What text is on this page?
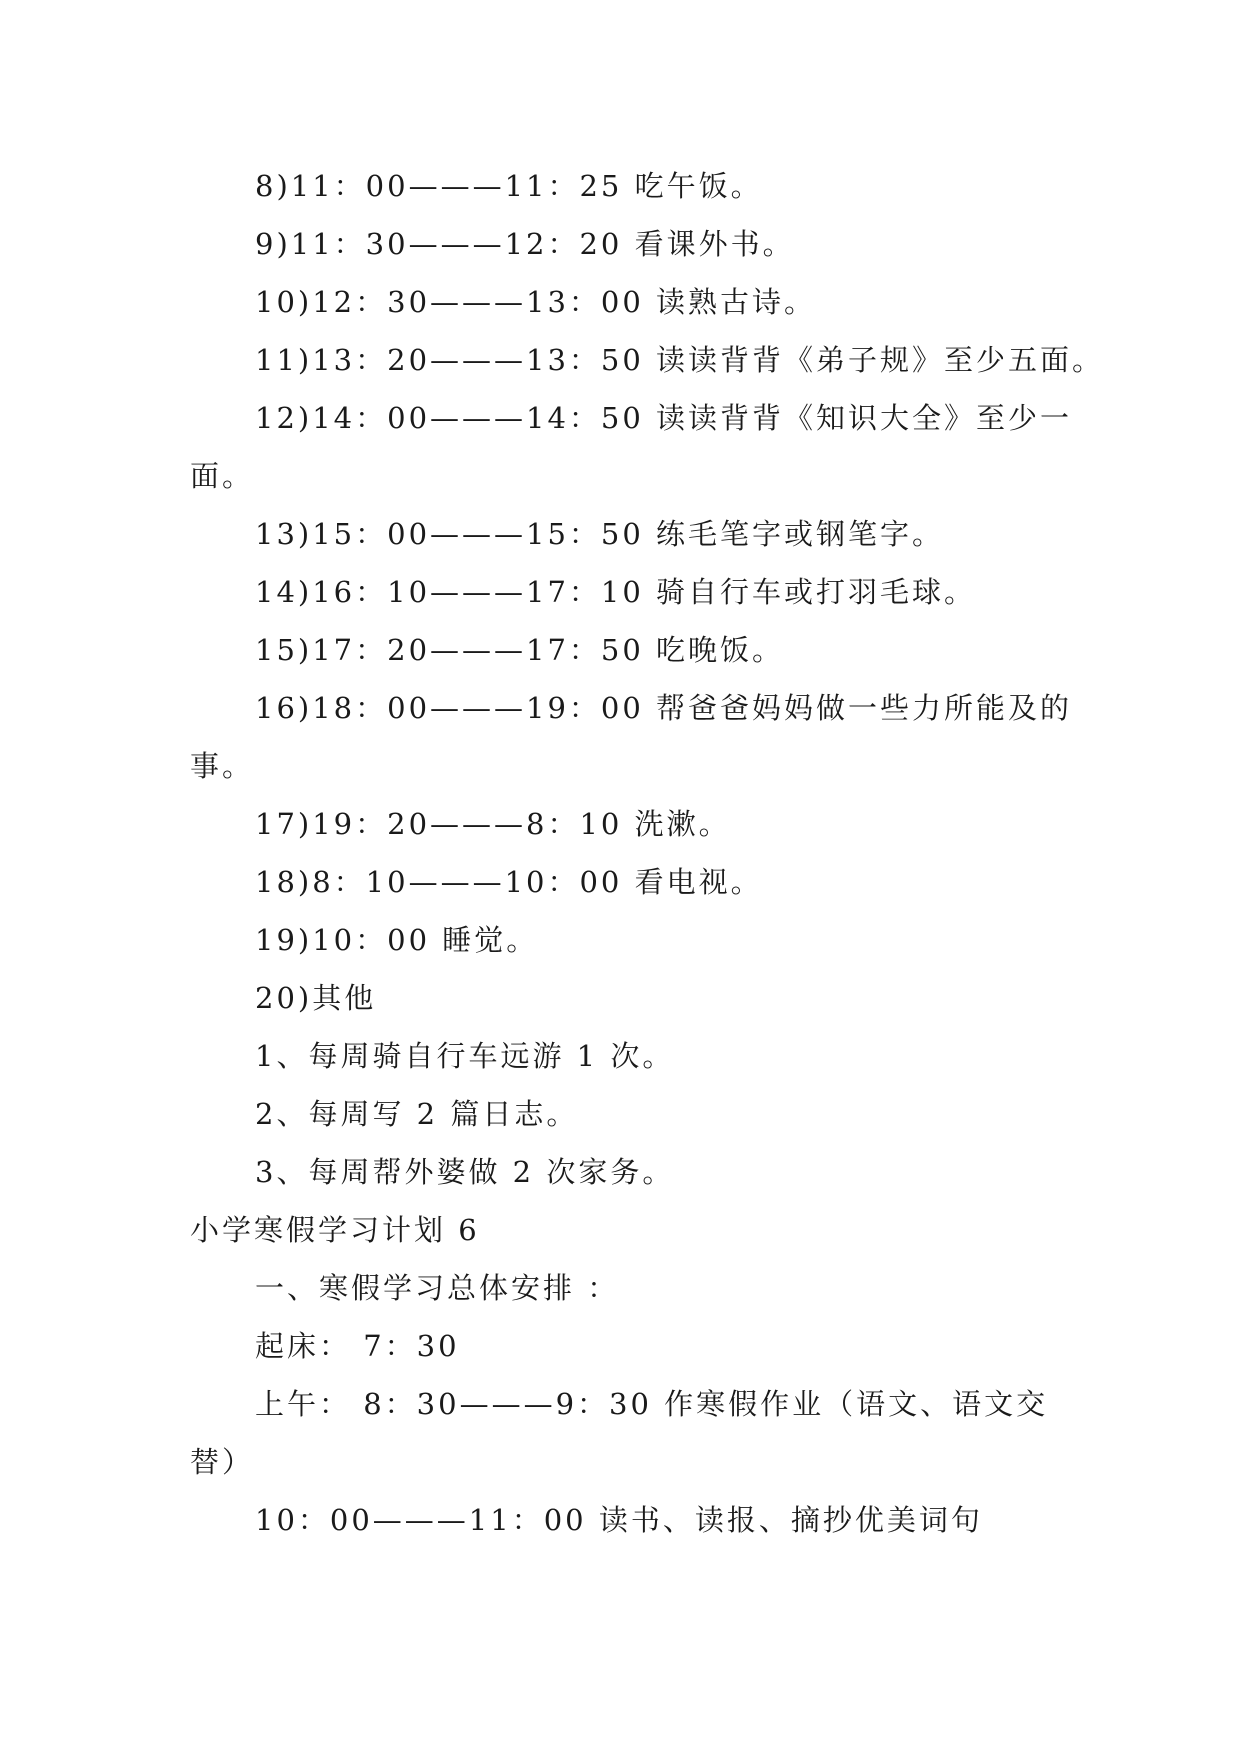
8)11：00———11：25 吃午饭。
9)11：30———12：20 看课外书。
10)12：30———13：00 读熟古诗。
11)13：20———13：50 读读背背《弟子规》至少五面。
12)14：00———14：50 读读背背《知识大全》至少一
面。
13)15：00———15：50 练毛笔字或钢笔字。
14)16：10———17：10 骑自行车或打羽毛球。
15)17：20———17：50 吃晚饭。
16)18：00———19：00 帮爸爸妈妈做一些力所能及的
事。
17)19：20———8：10 洗漱。
18)8：10———10：00 看电视。
19)10：00 睡觉。
20)其他
1、每周骑自行车远游 1 次。
2、每周写 2 篇日志。
3、每周帮外婆做 2 次家务。
小学寒假学习计划 6
一、寒假学习总体安排 ：
起床： 7：30
上午： 8：30———9：30 作寒假作业（语文、语文交
替）
10：00———11：00 读书、读报、摘抄优美词句
